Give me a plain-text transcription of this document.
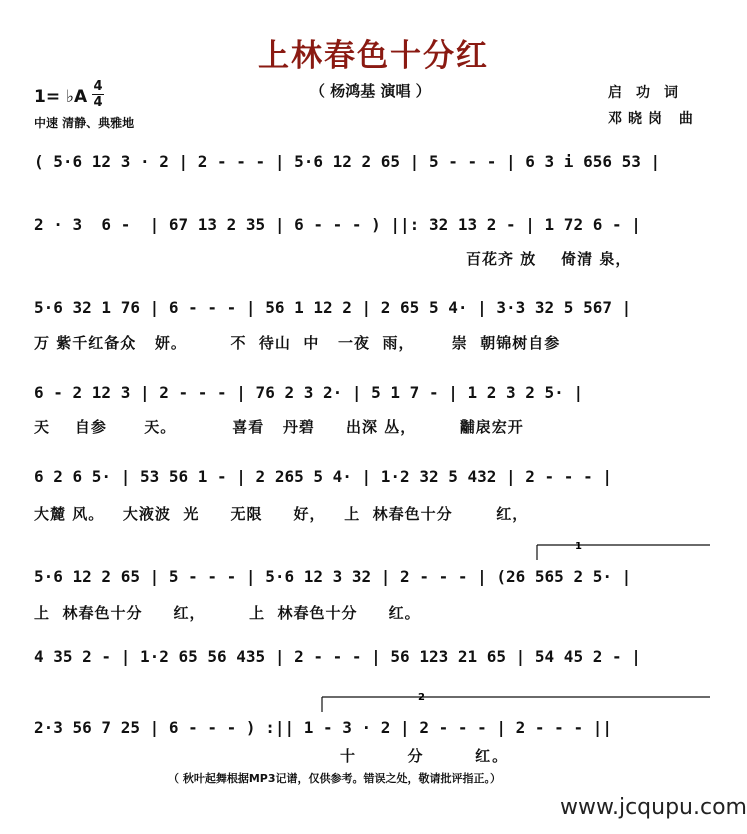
上林春色十分红
（ 杨鸿基 演唱 ）
1= ♭A
4
4
中速 清静、典雅地
启功词
邓晓岗 曲
( 5·6 12 3 · 2 | 2 - - - | 5·6 12 2 65 | 5 - - - | 6 3 i 656 53 |
2 · 3  6 -  | 67 13 2 35 | 6 - - - ) ||: 32 13 2 - | 1 72 6 - |
百花齐 放    倚清 泉，
5·6 32 1 76 | 6 - - - | 56 1 12 2 | 2 65 5 4· | 3·3 32 5 567 |
万 紫千红备众   妍。       不  待山  中   一夜  雨，      崇  朝锦树自参
6 - 2 12 3 | 2 - - - | 76 2 3 2· | 5 1 7 - | 1 2 3 2 5· |
天    自参      天。         喜看   丹碧     出深 丛，       黼扆宏开
6 2 6 5· | 53 56 1 - | 2 265 5 4· | 1·2 32 5 432 | 2 - - - |
大麓 风。   大液波  光     无限     好，   上  林春色十分       红，
5·6 12 2 65 | 5 - - - | 5·6 12 3 32 | 2 - - - | (26 565 2 5· |
上  林春色十分     红，       上  林春色十分     红。
4 35 2 - | 1·2 65 56 435 | 2 - - - | 56 123 21 65 | 54 45 2 - |
2·3 56 7 25 | 6 - - - ) :|| 1 - 3 · 2 | 2 - - - | 2 - - - ||
十       分       红。
1
2
（ 秋叶起舞根据MP3记谱，仅供参考。错误之处，敬请批评指正。）
www.jcqupu.com
